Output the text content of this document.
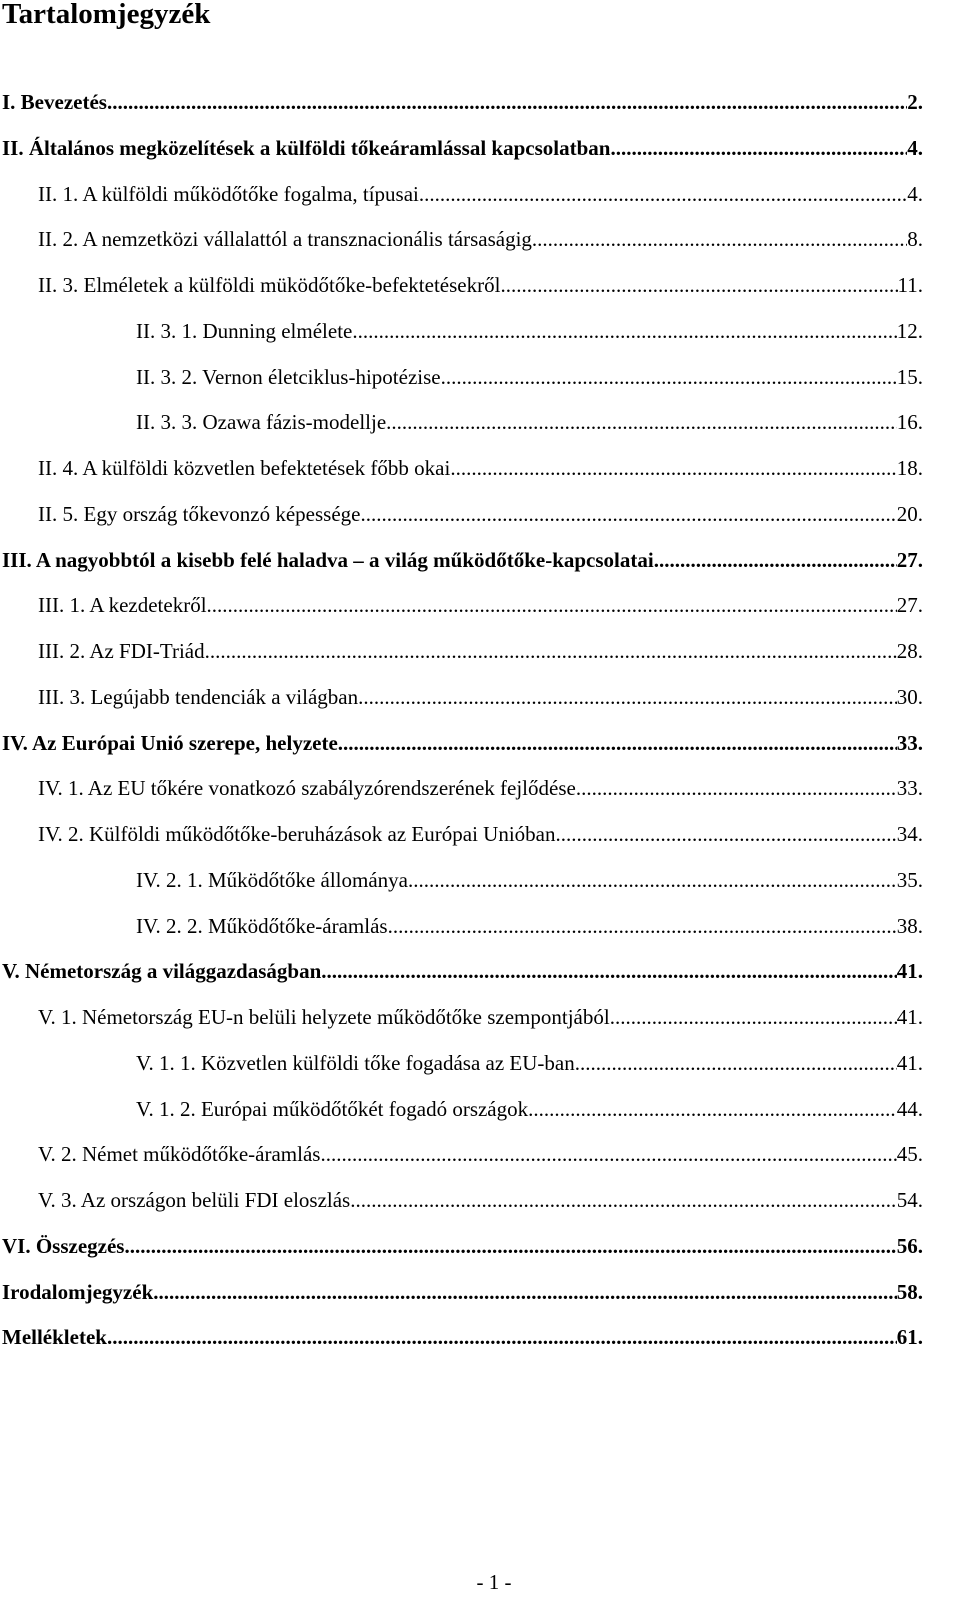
Tartalomjegyzék
I. Bevezetés .....	2.
II. Általános megközelítések a külföldi tőkeáramlással kapcsolatban .....	4.
II. 1. A külföldi működőtőke fogalma, típusai .....	4.
II. 2. A nemzetközi vállalattól a transznacionális társaságig .....	8.
II. 3. Elméletek a külföldi müködőtőke-befektetésekről .....	11.
II. 3. 1. Dunning elmélete .....	12.
II. 3. 2. Vernon életciklus-hipotézise .....	15.
II. 3. 3. Ozawa fázis-modellje .....	16.
II. 4. A külföldi közvetlen befektetések főbb okai .....	18.
II. 5. Egy ország tőkevonzó képessége .....	20.
III. A nagyobbtól a kisebb felé haladva – a világ működőtőke-kapcsolatai .....	27.
III. 1. A kezdetekről .....	27.
III. 2. Az FDI-Triád .....	28.
III. 3. Legújabb tendenciák a világban .....	30.
IV. Az Európai Unió szerepe, helyzete .....	33.
IV. 1. Az EU tőkére vonatkozó szabályzórendszerének fejlődése .....	33.
IV. 2. Külföldi működőtőke-beruházások az Európai Unióban .....	34.
IV. 2. 1. Működőtőke állománya .....	35.
IV. 2. 2. Működőtőke-áramlás .....	38.
V. Németország a világgazdaságban .....	41.
V. 1. Németország EU-n belüli helyzete működőtőke szempontjából .....	41.
V. 1. 1. Közvetlen külföldi tőke fogadása az EU-ban .....	41.
V. 1. 2. Európai működőtőkét fogadó országok .....	44.
V. 2. Német működőtőke-áramlás .....	45.
V. 3. Az országon belüli FDI eloszlás .....	54.
VI. Összegzés .....	56.
Irodalomjegyzék .....	58.
Mellékletek .....	61.
- 1 -
